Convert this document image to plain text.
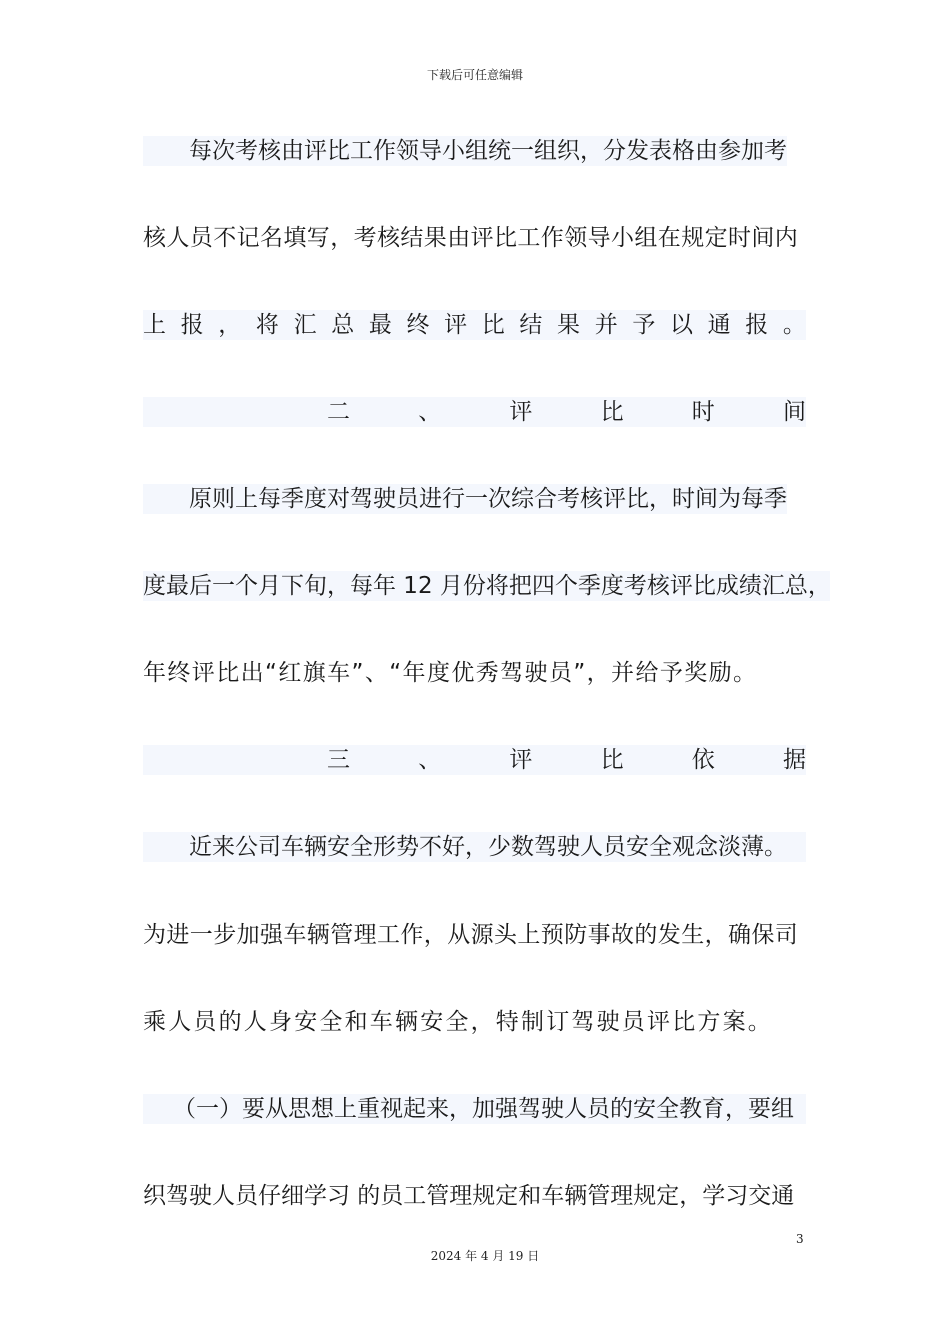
下载后可任意编辑
每次考核由评比工作领导小组统一组织，分发表格由参加考
核人员不记名填写，考核结果由评比工作领导小组在规定时间内
上 报 ， 将 汇 总 最 终 评 比 结 果 并 予 以 通 报 。
二	、	评	比	时	间
原则上每季度对驾驶员进行一次综合考核评比，时间为每季
度最后一个月下旬，每年 12 月份将把四个季度考核评比成绩汇总，
年终评比出“红旗车”、“年度优秀驾驶员”，并给予奖励。
三	、	评	比	依	据
近来公司车辆安全形势不好，少数驾驶人员安全观念淡薄。
为进一步加强车辆管理工作，从源头上预防事故的发生，确保司
乘人员的人身安全和车辆安全，特制订驾驶员评比方案。
（一）要从思想上重视起来，加强驾驶人员的安全教育，要组
织驾驶人员仔细学习 的员工管理规定和车辆管理规定，学习交通
3
2024 年 4 月 19 日
